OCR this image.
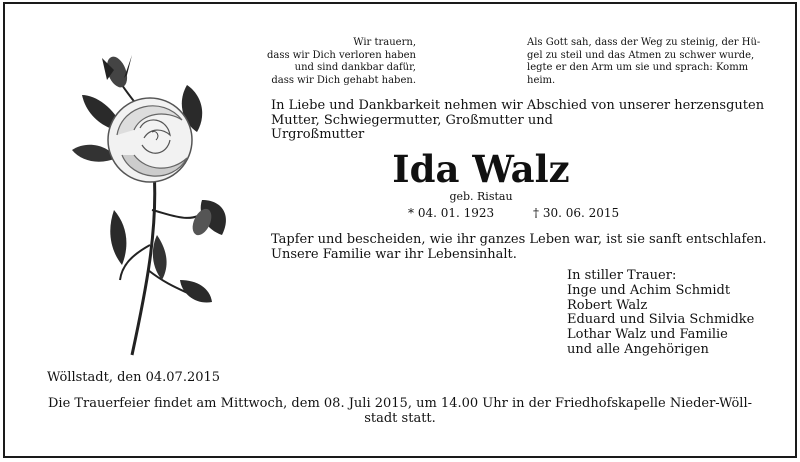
Wir trauern,
dass wir Dich verloren haben
und sind dankbar dafür,
dass wir Dich gehabt haben.
Als Gott sah, dass der Weg zu steinig, der Hü-
gel zu steil und das Atmen zu schwer wurde,
legte er den Arm um sie und sprach: Komm
heim.
In Liebe und Dankbarkeit nehmen wir Abschied von unserer herzensguten
Mutter, Schwiegermutter, Großmutter und
Urgroßmutter
Ida Walz
geb. Ristau
* 04. 01. 1923	† 30. 06. 2015
Tapfer und bescheiden, wie ihr ganzes Leben war, ist sie sanft entschlafen.
Unsere Familie war ihr Lebensinhalt.
In stiller Trauer:
Inge und Achim Schmidt
Robert Walz
Eduard und Silvia Schmidke
Lothar Walz und Familie
und alle Angehörigen
Wöllstadt, den 04.07.2015
Die Trauerfeier findet am Mittwoch, dem 08. Juli 2015, um 14.00 Uhr in der Friedhofskapelle Nieder-Wöll-
stadt statt.
